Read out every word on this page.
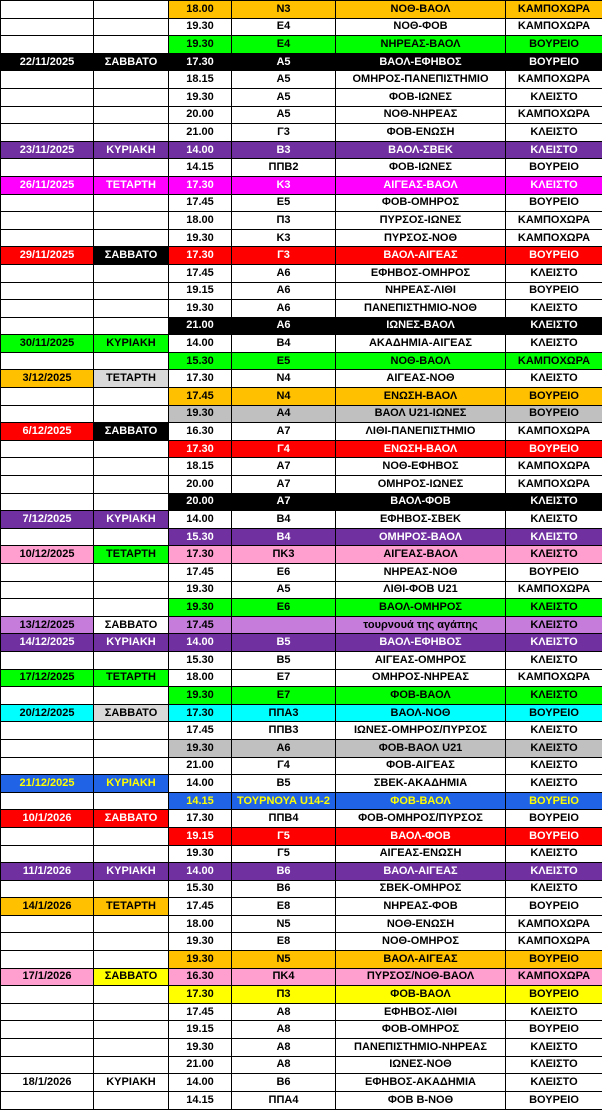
		18.00	N3	ΝΟΘ-ΒΑΟΛ	ΚΑΜΠΟΧΩΡΑ
		19.30	E4	ΝΟΘ-ΦΟΒ	ΚΑΜΠΟΧΩΡΑ
		19.30	E4	ΝΗΡΕΑΣ-ΒΑΟΛ	ΒΟΥΡΕΙΟ
22/11/2025	ΣΑΒΒΑΤΟ	17.30	A5	ΒΑΟΛ-ΕΦΗΒΟΣ	ΒΟΥΡΕΙΟ
		18.15	A5	ΟΜΗΡΟΣ-ΠΑΝΕΠΙΣΤΗΜΙΟ	ΚΑΜΠΟΧΩΡΑ
		19.30	A5	ΦΟΒ-ΙΩΝΕΣ	ΚΛΕΙΣΤΟ
		20.00	A5	ΝΟΘ-ΝΗΡΕΑΣ	ΚΑΜΠΟΧΩΡΑ
		21.00	Γ3	ΦΟΒ-ΕΝΩΣΗ	ΚΛΕΙΣΤΟ
23/11/2025	ΚΥΡΙΑΚΗ	14.00	B3	ΒΑΟΛ-ΣΒΕΚ	ΚΛΕΙΣΤΟ
		14.15	ΠΠΒ2	ΦΟΒ-ΙΩΝΕΣ	ΒΟΥΡΕΙΟ
26/11/2025	ΤΕΤΑΡΤΗ	17.30	K3	ΑΙΓΕΑΣ-ΒΑΟΛ	ΚΛΕΙΣΤΟ
		17.45	E5	ΦΟΒ-ΟΜΗΡΟΣ	ΒΟΥΡΕΙΟ
		18.00	Π3	ΠΥΡΣΟΣ-ΙΩΝΕΣ	ΚΑΜΠΟΧΩΡΑ
		19.30	K3	ΠΥΡΣΟΣ-ΝΟΘ	ΚΑΜΠΟΧΩΡΑ
29/11/2025	ΣΑΒΒΑΤΟ	17.30	Γ3	ΒΑΟΛ-ΑΙΓΕΑΣ	ΒΟΥΡΕΙΟ
		17.45	A6	ΕΦΗΒΟΣ-ΟΜΗΡΟΣ	ΚΛΕΙΣΤΟ
		19.15	A6	ΝΗΡΕΑΣ-ΛΙΘΙ	ΒΟΥΡΕΙΟ
		19.30	A6	ΠΑΝΕΠΙΣΤΗΜΙΟ-ΝΟΘ	ΚΛΕΙΣΤΟ
		21.00	A6	ΙΩΝΕΣ-ΒΑΟΛ	ΚΛΕΙΣΤΟ
30/11/2025	ΚΥΡΙΑΚΗ	14.00	B4	ΑΚΑΔΗΜΙΑ-ΑΙΓΕΑΣ	ΚΛΕΙΣΤΟ
		15.30	E5	ΝΟΘ-ΒΑΟΛ	ΚΑΜΠΟΧΩΡΑ
3/12/2025	ΤΕΤΑΡΤΗ	17.30	N4	ΑΙΓΕΑΣ-ΝΟΘ	ΚΛΕΙΣΤΟ
		17.45	N4	ΕΝΩΣΗ-ΒΑΟΛ	ΒΟΥΡΕΙΟ
		19.30	A4	ΒΑΟΛ U21-ΙΩΝΕΣ	ΒΟΥΡΕΙΟ
6/12/2025	ΣΑΒΒΑΤΟ	16.30	A7	ΛΙΘΙ-ΠΑΝΕΠΙΣΤΗΜΙΟ	ΚΑΜΠΟΧΩΡΑ
		17.30	Γ4	ΕΝΩΣΗ-ΒΑΟΛ	ΒΟΥΡΕΙΟ
		18.15	A7	ΝΟΘ-ΕΦΗΒΟΣ	ΚΑΜΠΟΧΩΡΑ
		20.00	A7	ΟΜΗΡΟΣ-ΙΩΝΕΣ	ΚΑΜΠΟΧΩΡΑ
		20.00	A7	ΒΑΟΛ-ΦΟΒ	ΚΛΕΙΣΤΟ
7/12/2025	ΚΥΡΙΑΚΗ	14.00	B4	ΕΦΗΒΟΣ-ΣΒΕΚ	ΚΛΕΙΣΤΟ
		15.30	B4	ΟΜΗΡΟΣ-ΒΑΟΛ	ΚΛΕΙΣΤΟ
10/12/2025	ΤΕΤΑΡΤΗ	17.30	ΠΚ3	ΑΙΓΕΑΣ-ΒΑΟΛ	ΚΛΕΙΣΤΟ
		17.45	E6	ΝΗΡΕΑΣ-ΝΟΘ	ΒΟΥΡΕΙΟ
		19.30	A5	ΛΙΘΙ-ΦΟΒ U21	ΚΑΜΠΟΧΩΡΑ
		19.30	E6	ΒΑΟΛ-ΟΜΗΡΟΣ	ΚΛΕΙΣΤΟ
13/12/2025	ΣΑΒΒΑΤΟ	17.45		τουρνουά της αγάπης	ΚΛΕΙΣΤΟ
14/12/2025	ΚΥΡΙΑΚΗ	14.00	B5	ΒΑΟΛ-ΕΦΗΒΟΣ	ΚΛΕΙΣΤΟ
		15.30	B5	ΑΙΓΕΑΣ-ΟΜΗΡΟΣ	ΚΛΕΙΣΤΟ
17/12/2025	ΤΕΤΑΡΤΗ	18.00	E7	ΟΜΗΡΟΣ-ΝΗΡΕΑΣ	ΚΑΜΠΟΧΩΡΑ
		19.30	E7	ΦΟΒ-ΒΑΟΛ	ΚΛΕΙΣΤΟ
20/12/2025	ΣΑΒΒΑΤΟ	17.30	ΠΠΑ3	ΒΑΟΛ-ΝΟΘ	ΒΟΥΡΕΙΟ
		17.45	ΠΠΒ3	ΙΩΝΕΣ-ΟΜΗΡΟΣ/ΠΥΡΣΟΣ	ΚΛΕΙΣΤΟ
		19.30	A6	ΦΟΒ-ΒΑΟΛ U21	ΚΛΕΙΣΤΟ
		21.00	Γ4	ΦΟΒ-ΑΙΓΕΑΣ	ΚΛΕΙΣΤΟ
21/12/2025	ΚΥΡΙΑΚΗ	14.00	B5	ΣΒΕΚ-ΑΚΑΔΗΜΙΑ	ΚΛΕΙΣΤΟ
		14.15	ΤΟΥΡΝΟΥΑ U14-2	ΦΟΒ-ΒΑΟΛ	ΒΟΥΡΕΙΟ
10/1/2026	ΣΑΒΒΑΤΟ	17.30	ΠΠΒ4	ΦΟΒ-ΟΜΗΡΟΣ/ΠΥΡΣΟΣ	ΒΟΥΡΕΙΟ
		19.15	Γ5	ΒΑΟΛ-ΦΟΒ	ΒΟΥΡΕΙΟ
		19.30	Γ5	ΑΙΓΕΑΣ-ΕΝΩΣΗ	ΚΛΕΙΣΤΟ
11/1/2026	ΚΥΡΙΑΚΗ	14.00	B6	ΒΑΟΛ-ΑΙΓΕΑΣ	ΚΛΕΙΣΤΟ
		15.30	B6	ΣΒΕΚ-ΟΜΗΡΟΣ	ΚΛΕΙΣΤΟ
14/1/2026	ΤΕΤΑΡΤΗ	17.45	E8	ΝΗΡΕΑΣ-ΦΟΒ	ΒΟΥΡΕΙΟ
		18.00	N5	ΝΟΘ-ΕΝΩΣΗ	ΚΑΜΠΟΧΩΡΑ
		19.30	E8	ΝΟΘ-ΟΜΗΡΟΣ	ΚΑΜΠΟΧΩΡΑ
		19.30	N5	ΒΑΟΛ-ΑΙΓΕΑΣ	ΒΟΥΡΕΙΟ
17/1/2026	ΣΑΒΒΑΤΟ	16.30	ΠΚ4	ΠΥΡΣΟΣ/ΝΟΘ-ΒΑΟΛ	ΚΑΜΠΟΧΩΡΑ
		17.30	Π3	ΦΟΒ-ΒΑΟΛ	ΒΟΥΡΕΙΟ
		17.45	A8	ΕΦΗΒΟΣ-ΛΙΘΙ	ΚΛΕΙΣΤΟ
		19.15	A8	ΦΟΒ-ΟΜΗΡΟΣ	ΒΟΥΡΕΙΟ
		19.30	A8	ΠΑΝΕΠΙΣΤΗΜΙΟ-ΝΗΡΕΑΣ	ΚΛΕΙΣΤΟ
		21.00	A8	ΙΩΝΕΣ-ΝΟΘ	ΚΛΕΙΣΤΟ
18/1/2026	ΚΥΡΙΑΚΗ	14.00	B6	ΕΦΗΒΟΣ-ΑΚΑΔΗΜΙΑ	ΚΛΕΙΣΤΟ
		14.15	ΠΠΑ4	ΦΟΒ Β-ΝΟΘ	ΒΟΥΡΕΙΟ
